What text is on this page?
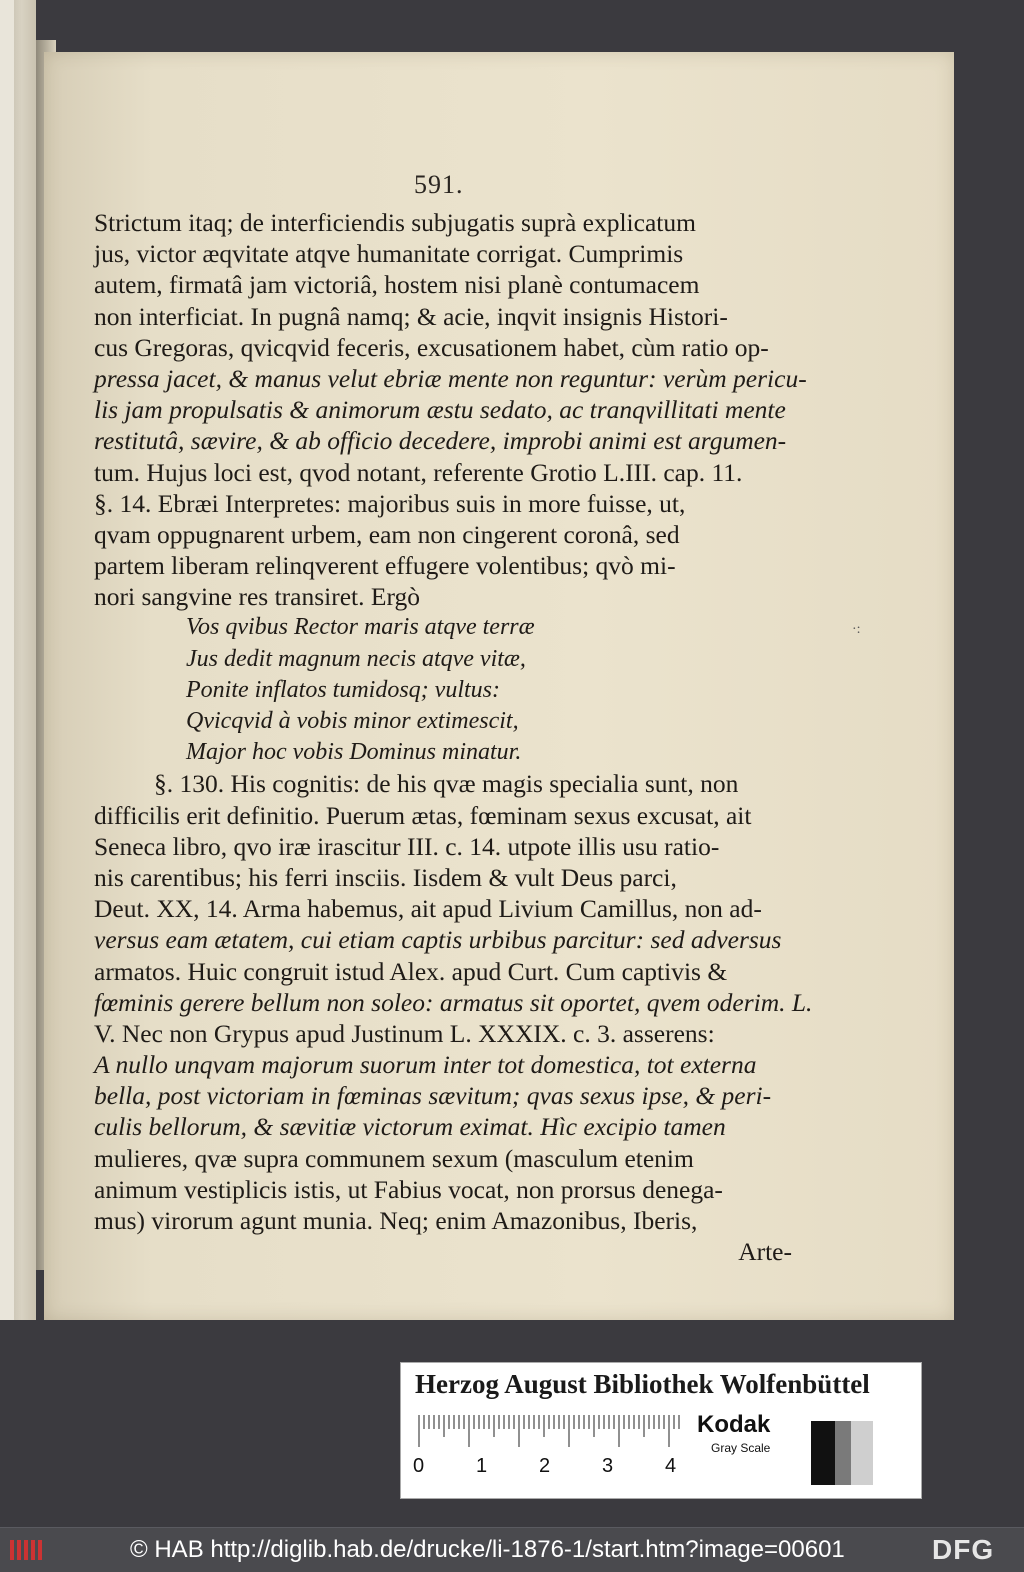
591.
·:
Strictum itaq; de interficiendis subjugatis suprà explicatum
jus, victor æqvitate atqve humanitate corrigat. Cumprimis
autem, firmatâ jam victoriâ, hostem nisi planè contumacem
non interficiat. In pugnâ namq; & acie, inqvit insignis Histori-
cus Gregoras, qvicqvid feceris, excusationem habet, cùm ratio op-
pressa jacet, & manus velut ebriæ mente non reguntur: verùm pericu-
lis jam propulsatis & animorum æstu sedato, ac tranqvillitati mente
restitutâ, sævire, & ab officio decedere, improbi animi est argumen-
tum. Hujus loci est, qvod notant, referente Grotio L.III. cap. 11.
§. 14. Ebræi Interpretes: majoribus suis in more fuisse, ut,
qvam oppugnarent urbem, eam non cingerent coronâ, sed
partem liberam relinqverent effugere volentibus; qvò mi-
nori sangvine res transiret. Ergò
Vos qvibus Rector maris atqve terræ
Jus dedit magnum necis atqve vitæ,
Ponite inflatos tumidosq; vultus:
Qvicqvid à vobis minor extimescit,
Major hoc vobis Dominus minatur.
§. 130. His cognitis: de his qvæ magis specialia sunt, non
difficilis erit definitio. Puerum ætas, fœminam sexus excusat, ait
Seneca libro, qvo iræ irascitur III. c. 14. utpote illis usu ratio-
nis carentibus; his ferri insciis. Iisdem & vult Deus parci,
Deut. XX, 14. Arma habemus, ait apud Livium Camillus, non ad-
versus eam ætatem, cui etiam captis urbibus parcitur: sed adversus
armatos. Huic congruit istud Alex. apud Curt. Cum captivis &
fœminis gerere bellum non soleo: armatus sit oportet, qvem oderim. L.
V. Nec non Grypus apud Justinum L. XXXIX. c. 3. asserens:
A nullo unqvam majorum suorum inter tot domestica, tot externa
bella, post victoriam in fœminas sævitum; qvas sexus ipse, & peri-
culis bellorum, & sævitiæ victorum eximat. Hìc excipio tamen
mulieres, qvæ supra communem sexum (masculum etenim
animum vestiplicis istis, ut Fabius vocat, non prorsus denega-
mus) virorum agunt munia. Neq; enim Amazonibus, Iberis,
Arte-
Herzog August Bibliothek Wolfenbüttel
0	1	2	3	4
Kodak
Gray Scale
© HAB http://diglib.hab.de/drucke/li-1876-1/start.htm?image=00601	DFG
